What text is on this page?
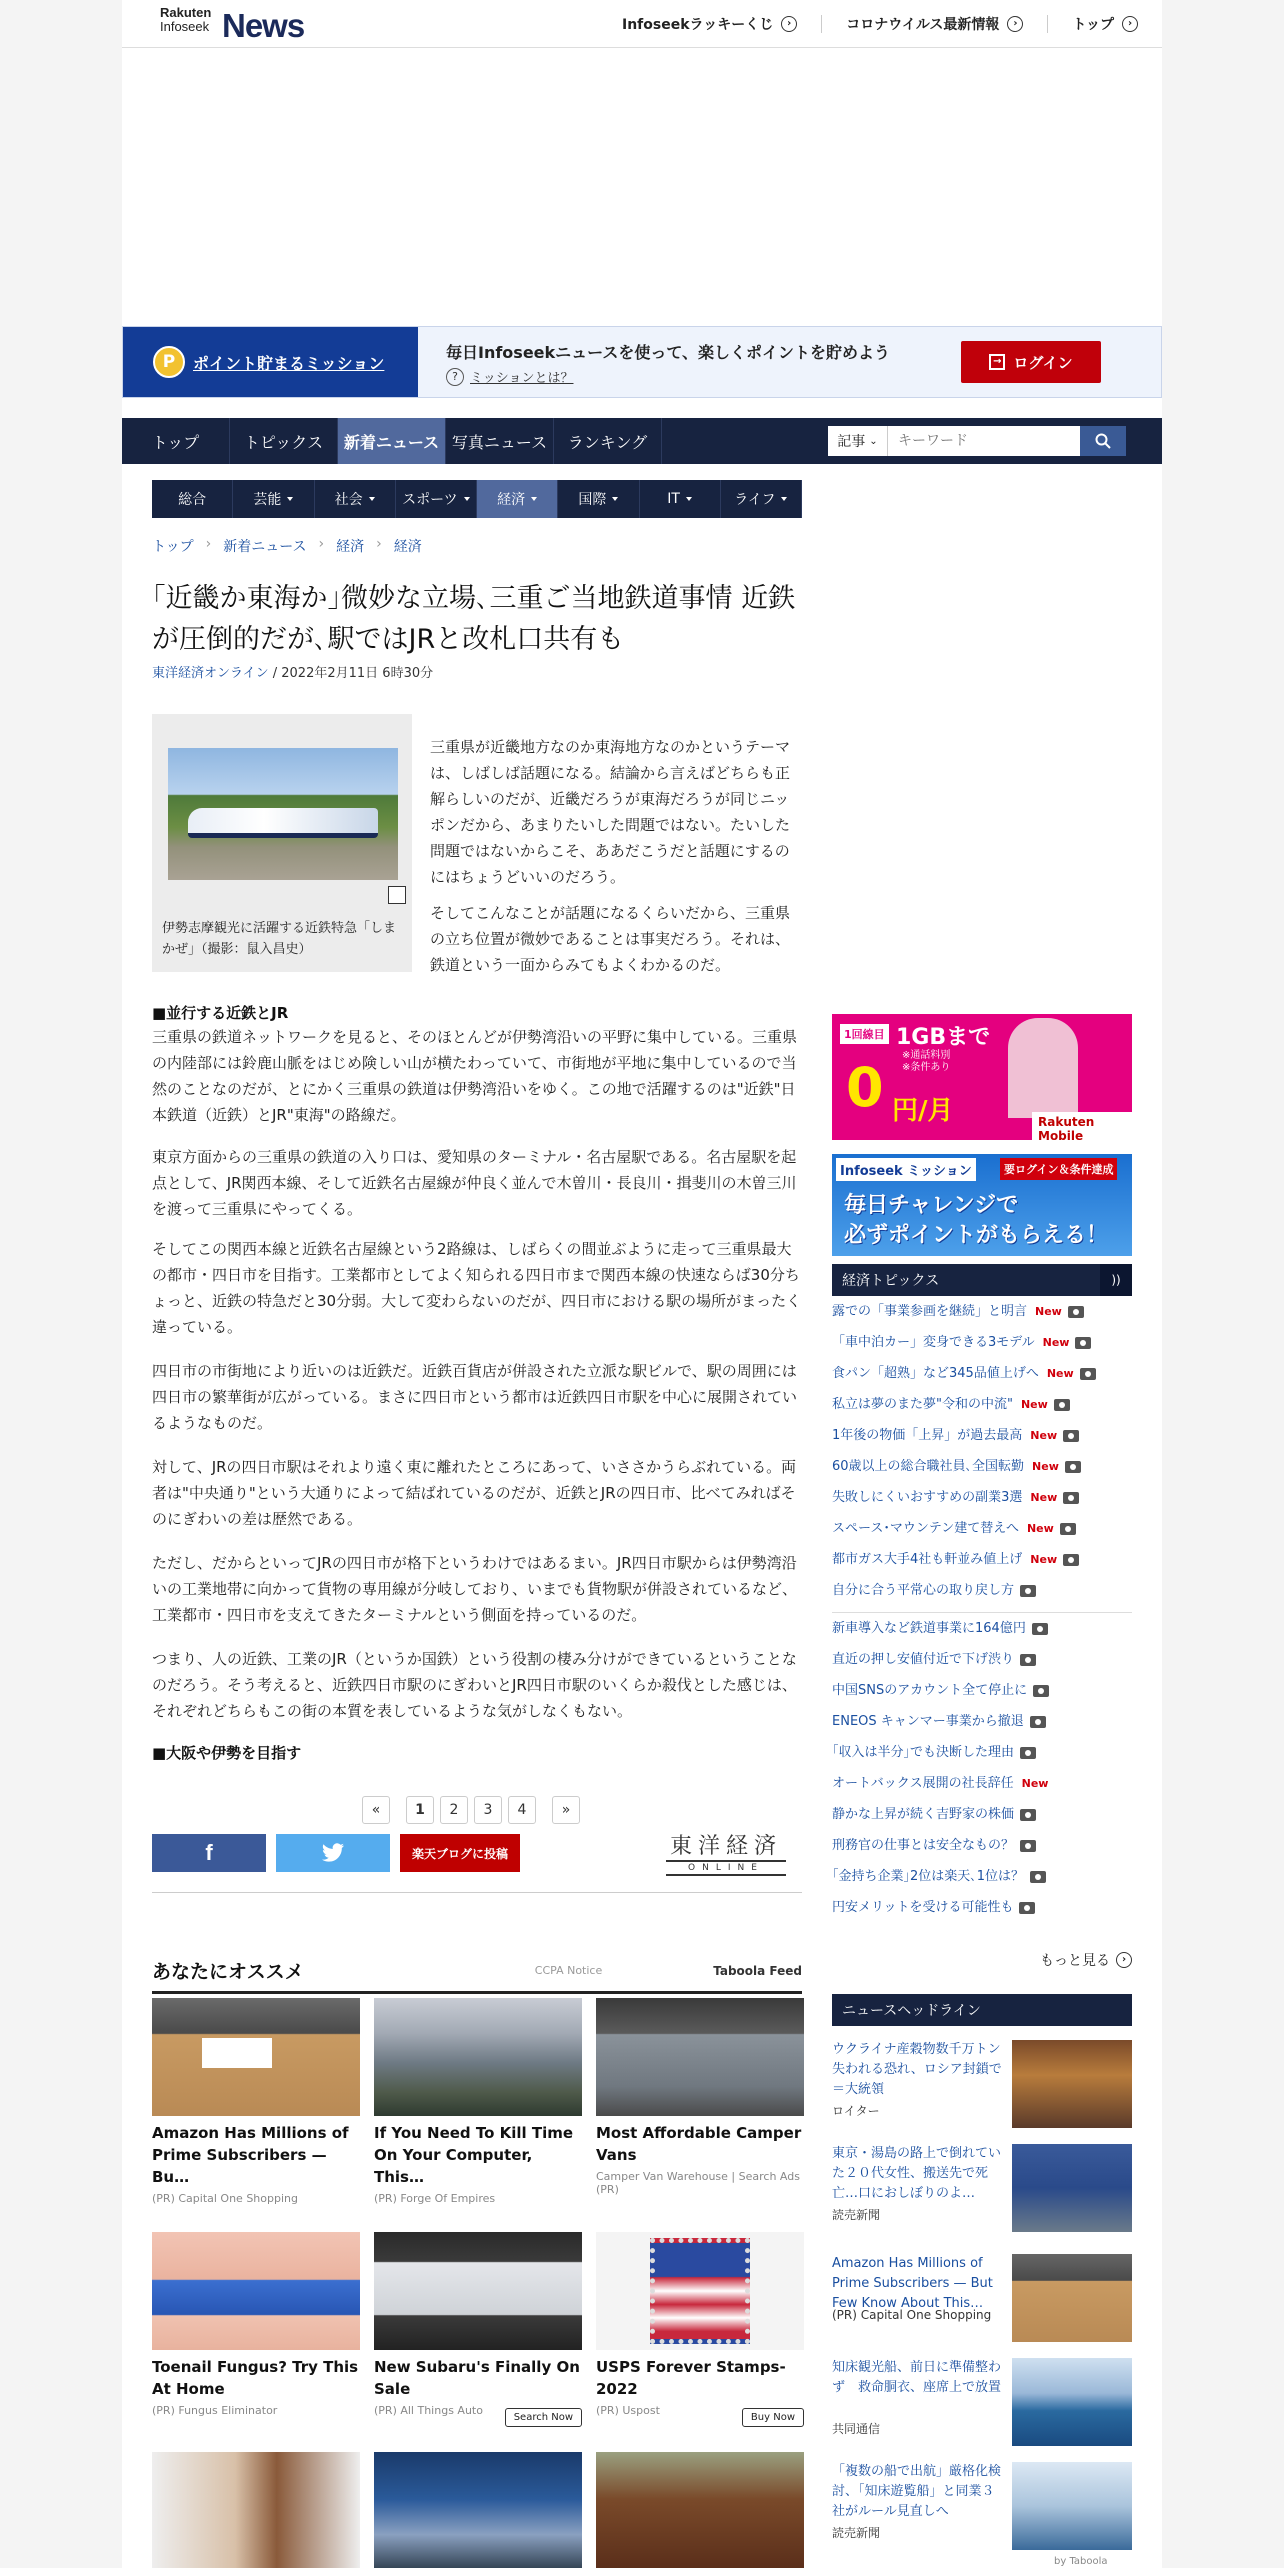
Rakuten
Infoseek News	Infoseekラッキーくじ	›	コロナウイルス最新情報	›	トップ	›
P	ポイント貯まるミッション
毎日Infoseekニュースを使って、楽しくポイントを貯めよう
? ミッションとは？
→ ログイン
トップ	トピックス 新着ニュース 写真ニュース ランキング	記事 ⌄
キーワード
総合	芸能	社会	スポーツ	経済	国際	IT	ライフ
トップ › 新着ニュース › 経済 › 経済
｢近畿か東海か｣微妙な立場､三重ご当地鉄道事情 近鉄が圧倒的だが､駅ではJRと改札口共有も
東洋経済オンライン / 2022年2月11日 6時30分
伊勢志摩観光に活躍する近鉄特急「しまかぜ」（撮影：鼠入昌史）
三重県が近畿地方なのか東海地方なのかというテーマは、しばしば話題になる。結論から言えばどちらも正解らしいのだが、近畿だろうが東海だろうが同じニッポンだから、あまりたいした問題ではない。たいした問題ではないからこそ、ああだこうだと話題にするのにはちょうどいいのだろう。
そしてこんなことが話題になるくらいだから、三重県の立ち位置が微妙であることは事実だろう。それは、鉄道という一面からみてもよくわかるのだ。
■並行する近鉄とJR
三重県の鉄道ネットワークを見ると、そのほとんどが伊勢湾沿いの平野に集中している。三重県の内陸部には鈴鹿山脈をはじめ険しい山が横たわっていて、市街地が平地に集中しているので当然のことなのだが、とにかく三重県の鉄道は伊勢湾沿いをゆく。この地で活躍するのは"近鉄"日本鉄道（近鉄）とJR"東海"の路線だ。
東京方面からの三重県の鉄道の入り口は、愛知県のターミナル・名古屋駅である。名古屋駅を起点として、JR関西本線、そして近鉄名古屋線が仲良く並んで木曽川・長良川・揖斐川の木曽三川を渡って三重県にやってくる。
そしてこの関西本線と近鉄名古屋線という2路線は、しばらくの間並ぶように走って三重県最大の都市・四日市を目指す。工業都市としてよく知られる四日市まで関西本線の快速ならば30分ちょっと、近鉄の特急だと30分弱。大して変わらないのだが、四日市における駅の場所がまったく違っている。
四日市の市街地により近いのは近鉄だ。近鉄百貨店が併設された立派な駅ビルで、駅の周囲には四日市の繁華街が広がっている。まさに四日市という都市は近鉄四日市駅を中心に展開されているようなものだ。
対して、JRの四日市駅はそれより遠く東に離れたところにあって、いささかうらぶれている。両者は"中央通り"という大通りによって結ばれているのだが、近鉄とJRの四日市、比べてみればそのにぎわいの差は歴然である。
ただし、だからといってJRの四日市が格下というわけではあるまい。JR四日市駅からは伊勢湾沿いの工業地帯に向かって貨物の専用線が分岐しており、いまでも貨物駅が併設されているなど、工業都市・四日市を支えてきたターミナルという側面を持っているのだ。
つまり、人の近鉄、工業のJR（というか国鉄）という役割の棲み分けができているということなのだろう。そう考えると、近鉄四日市駅のにぎわいとJR四日市駅のいくらか殺伐とした感じは、それぞれどちらもこの街の本質を表しているような気がしなくもない。
■大阪や伊勢を目指す
«	1	2	3	4	»
f	楽天ブログに投稿	東洋経済
ONLINE
あなたにオススメ	CCPA Notice	Taboola Feed
Amazon Has Millions of Prime Subscribers — Bu…
(PR) Capital One Shopping
If You Need To Kill Time On Your Computer, This…
(PR) Forge Of Empires
Most Affordable Camper Vans
Camper Van Warehouse | Search Ads (PR)
Toenail Fungus? Try This At Home
(PR) Fungus Eliminator
New Subaru's Finally On Sale
(PR) All Things Auto
Search Now
USPS Forever Stamps-2022
(PR) Uspost
Buy Now
1回線目 1GBまで
※通話料別
※条件あり
0 円/月	Rakuten Mobile
Infoseek ミッション	要ログイン＆条件達成
毎日チャレンジで
必ずポイントがもらえる！
経済トピックス	))
露での「事業参画を継続」と明言 New
「車中泊カー」変身できる3モデル New
食パン「超熟」など345品値上げへ New
私立は夢のまた夢"令和の中流" New
1年後の物価「上昇」が過去最高 New
60歳以上の総合職社員､全国転勤 New
失敗しにくいおすすめの副業3選 New
スペース･マウンテン建て替えへ New
都市ガス大手4社も軒並み値上げ New
自分に合う平常心の取り戻し方
新車導入など鉄道事業に164億円
直近の押し安値付近で下げ渋り
中国SNSのアカウント全て停止に
ENEOS キャンマー事業から撤退
｢収入は半分｣でも決断した理由
オートバックス展開の社長辞任 New
静かな上昇が続く吉野家の株価
刑務官の仕事とは安全なもの？
｢金持ち企業｣2位は楽天､1位は？
円安メリットを受ける可能性も
もっと見る	›
ニュースヘッドライン
ウクライナ産穀物数千万トン失われる恐れ、ロシア封鎖で＝大統領
ロイター
東京・湯島の路上で倒れていた２０代女性、搬送先で死亡…口におしぼりのよ…
読売新聞
Amazon Has Millions of Prime Subscribers — But Few Know About This…
(PR) Capital One Shopping
知床観光船、前日に準備整わず　救命胴衣、座席上で放置
共同通信
「複数の船で出航」厳格化検討、「知床遊覧船」と同業３社がルール見直しへ
読売新聞
by Taboola
